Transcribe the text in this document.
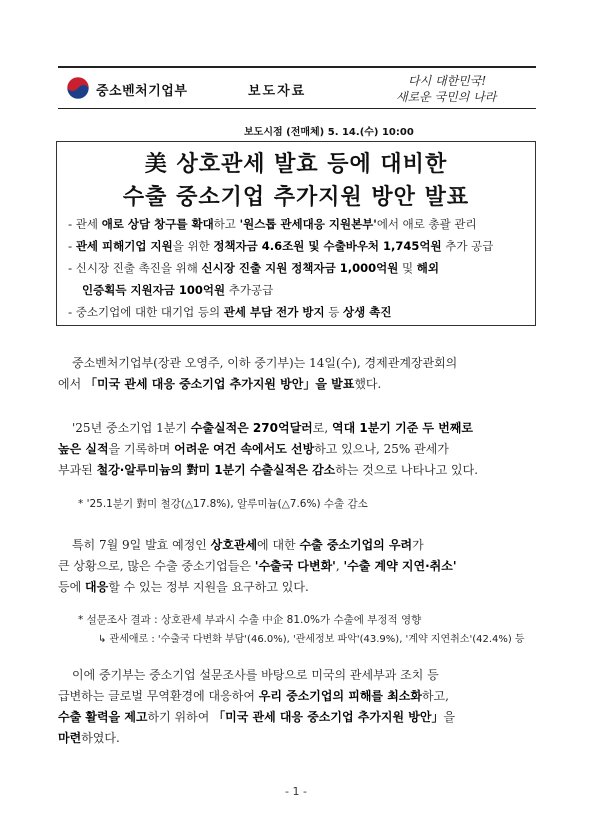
중소벤처기업부	보도자료
다시 대한민국!
새로운 국민의 나라
보도시점 (전매체) 5. 14.(수) 10:00
美 상호관세 발효 등에 대비한
수출 중소기업 추가지원 방안 발표
- 관세 애로 상담 창구를 확대하고 '원스톱 관세대응 지원본부'에서 애로 총괄 관리
- 관세 피해기업 지원을 위한 정책자금 4.6조원 및 수출바우처 1,745억원 추가 공급
- 신시장 진출 촉진을 위해 신시장 진출 지원 정책자금 1,000억원 및 해외
인증획득 지원자금 100억원 추가공급
- 중소기업에 대한 대기업 등의 관세 부담 전가 방지 등 상생 촉진
중소벤처기업부(장관 오영주, 이하 중기부)는 14일(수), 경제관계장관회의
에서 「미국 관세 대응 중소기업 추가지원 방안」을 발표했다.
'25년 중소기업 1분기 수출실적은 270억달러로, 역대 1분기 기준 두 번째로
높은 실적을 기록하며 어려운 여건 속에서도 선방하고 있으나, 25% 관세가
부과된 철강·알루미늄의 對미 1분기 수출실적은 감소하는 것으로 나타나고 있다.
* '25.1분기 對미 철강(△17.8%), 알루미늄(△7.6%) 수출 감소
특히 7월 9일 발효 예정인 상호관세에 대한 수출 중소기업의 우려가
큰 상황으로, 많은 수출 중소기업들은 '수출국 다변화', '수출 계약 지연·취소'
등에 대응할 수 있는 정부 지원을 요구하고 있다.
* 설문조사 결과 : 상호관세 부과시 수출 中企 81.0%가 수출에 부정적 영향
↳ 관세애로 : '수출국 다변화 부담'(46.0%), '관세정보 파악'(43.9%), '계약 지연취소'(42.4%) 등
이에 중기부는 중소기업 설문조사를 바탕으로 미국의 관세부과 조치 등
급변하는 글로벌 무역환경에 대응하여 우리 중소기업의 피해를 최소화하고,
수출 활력을 제고하기 위하여 「미국 관세 대응 중소기업 추가지원 방안」을
마련하였다.
- 1 -
